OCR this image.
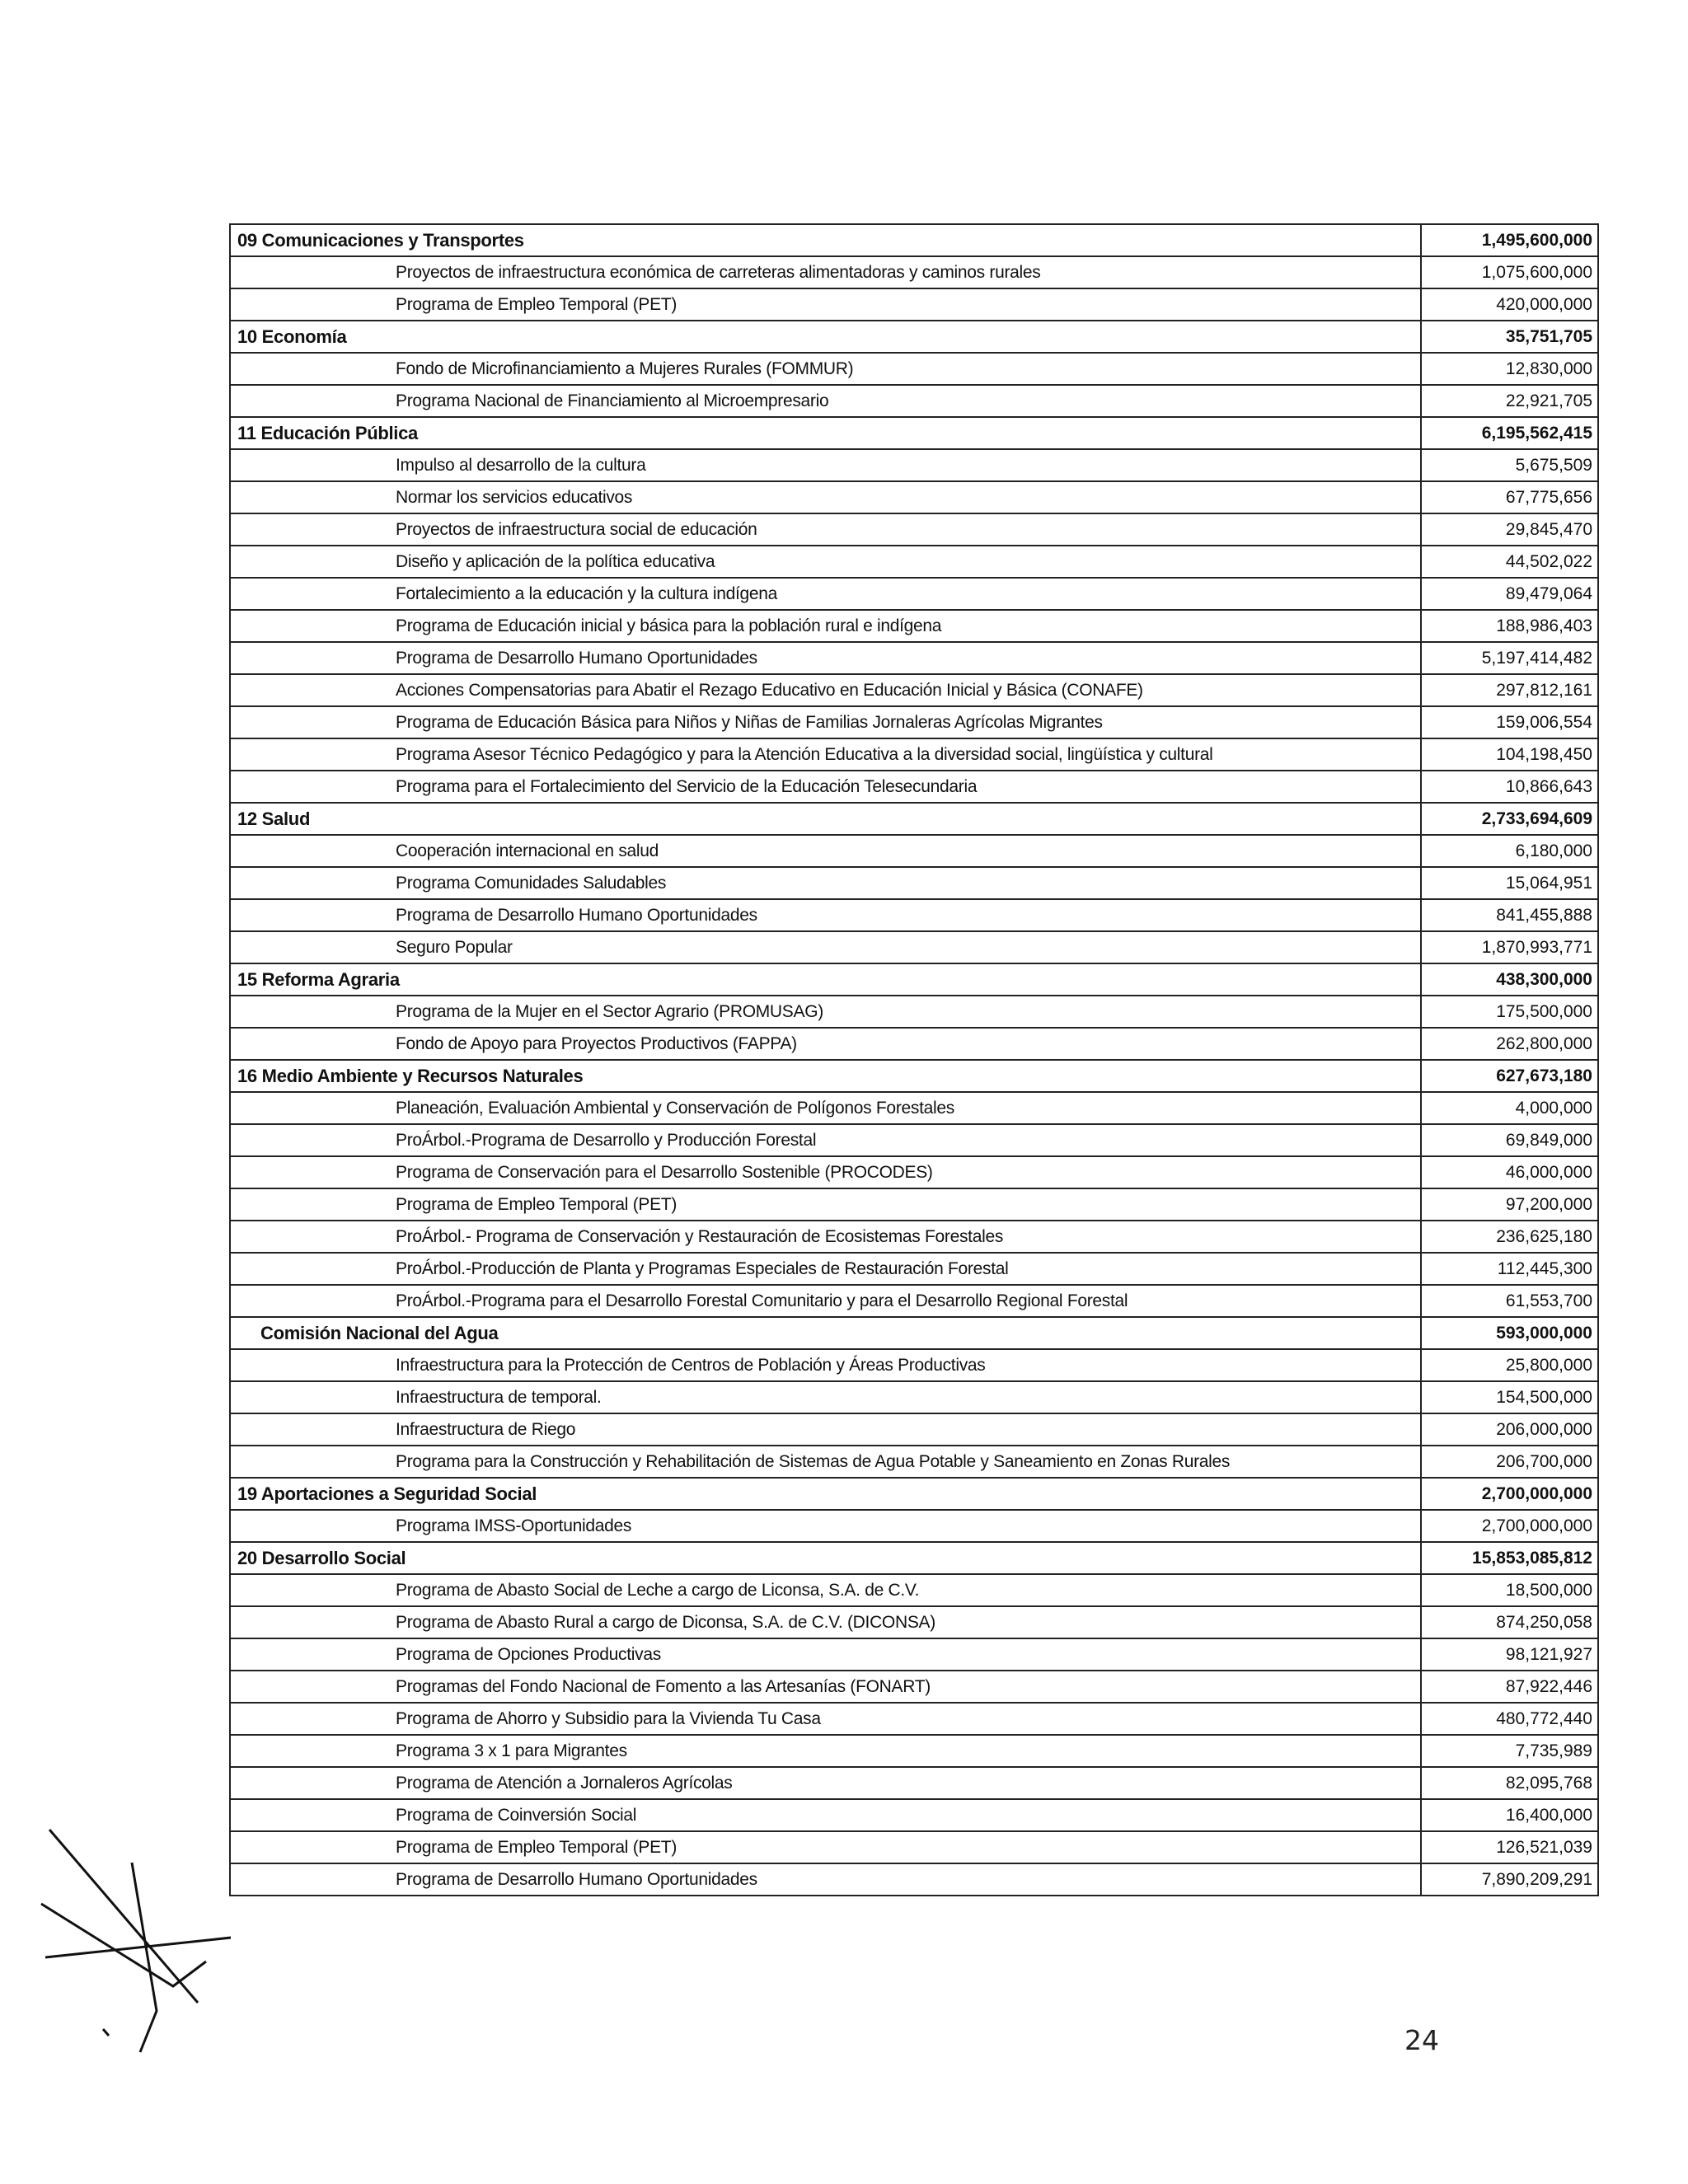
09 Comunicaciones y Transportes	1,495,600,000
Proyectos de infraestructura económica de carreteras alimentadoras y caminos rurales	1,075,600,000
Programa de Empleo Temporal (PET)	420,000,000
10 Economía	35,751,705
Fondo de Microfinanciamiento a Mujeres Rurales (FOMMUR)	12,830,000
Programa Nacional de Financiamiento al Microempresario	22,921,705
11 Educación Pública	6,195,562,415
Impulso al desarrollo de la cultura	5,675,509
Normar los servicios educativos	67,775,656
Proyectos de infraestructura social de educación	29,845,470
Diseño y aplicación de la política educativa	44,502,022
Fortalecimiento a la educación y la cultura indígena	89,479,064
Programa de Educación inicial y básica para la población rural e indígena	188,986,403
Programa de Desarrollo Humano Oportunidades	5,197,414,482
Acciones Compensatorias para Abatir el Rezago Educativo en Educación Inicial y Básica (CONAFE)	297,812,161
Programa de Educación Básica para Niños y Niñas de Familias Jornaleras Agrícolas Migrantes	159,006,554
Programa Asesor Técnico Pedagógico y para la Atención Educativa a la diversidad social, lingüística y cultural	104,198,450
Programa para el Fortalecimiento del Servicio de la Educación Telesecundaria	10,866,643
12 Salud	2,733,694,609
Cooperación internacional en salud	6,180,000
Programa Comunidades Saludables	15,064,951
Programa de Desarrollo Humano Oportunidades	841,455,888
Seguro Popular	1,870,993,771
15 Reforma Agraria	438,300,000
Programa de la Mujer en el Sector Agrario (PROMUSAG)	175,500,000
Fondo de Apoyo para Proyectos Productivos (FAPPA)	262,800,000
16 Medio Ambiente y Recursos Naturales	627,673,180
Planeación, Evaluación Ambiental y Conservación de Polígonos Forestales	4,000,000
ProÁrbol.-Programa de Desarrollo y Producción Forestal	69,849,000
Programa de Conservación para el Desarrollo Sostenible (PROCODES)	46,000,000
Programa de Empleo Temporal (PET)	97,200,000
ProÁrbol.- Programa de Conservación y Restauración de Ecosistemas Forestales	236,625,180
ProÁrbol.-Producción de Planta y Programas Especiales de Restauración Forestal	112,445,300
ProÁrbol.-Programa para el Desarrollo Forestal Comunitario y para el Desarrollo Regional Forestal	61,553,700
Comisión Nacional del Agua	593,000,000
Infraestructura para la Protección de Centros de Población y Áreas Productivas	25,800,000
Infraestructura de temporal.	154,500,000
Infraestructura de Riego	206,000,000
Programa para la Construcción y Rehabilitación de Sistemas de Agua Potable y Saneamiento en Zonas Rurales	206,700,000
19 Aportaciones a Seguridad Social	2,700,000,000
Programa IMSS-Oportunidades	2,700,000,000
20 Desarrollo Social	15,853,085,812
Programa de Abasto Social de Leche a cargo de Liconsa, S.A. de C.V.	18,500,000
Programa de Abasto Rural a cargo de Diconsa, S.A. de C.V. (DICONSA)	874,250,058
Programa de Opciones Productivas	98,121,927
Programas del Fondo Nacional de Fomento a las Artesanías (FONART)	87,922,446
Programa de Ahorro y Subsidio para la Vivienda Tu Casa	480,772,440
Programa 3 x 1 para Migrantes	7,735,989
Programa de Atención a Jornaleros Agrícolas	82,095,768
Programa de Coinversión Social	16,400,000
Programa de Empleo Temporal (PET)	126,521,039
Programa de Desarrollo Humano Oportunidades	7,890,209,291
24
